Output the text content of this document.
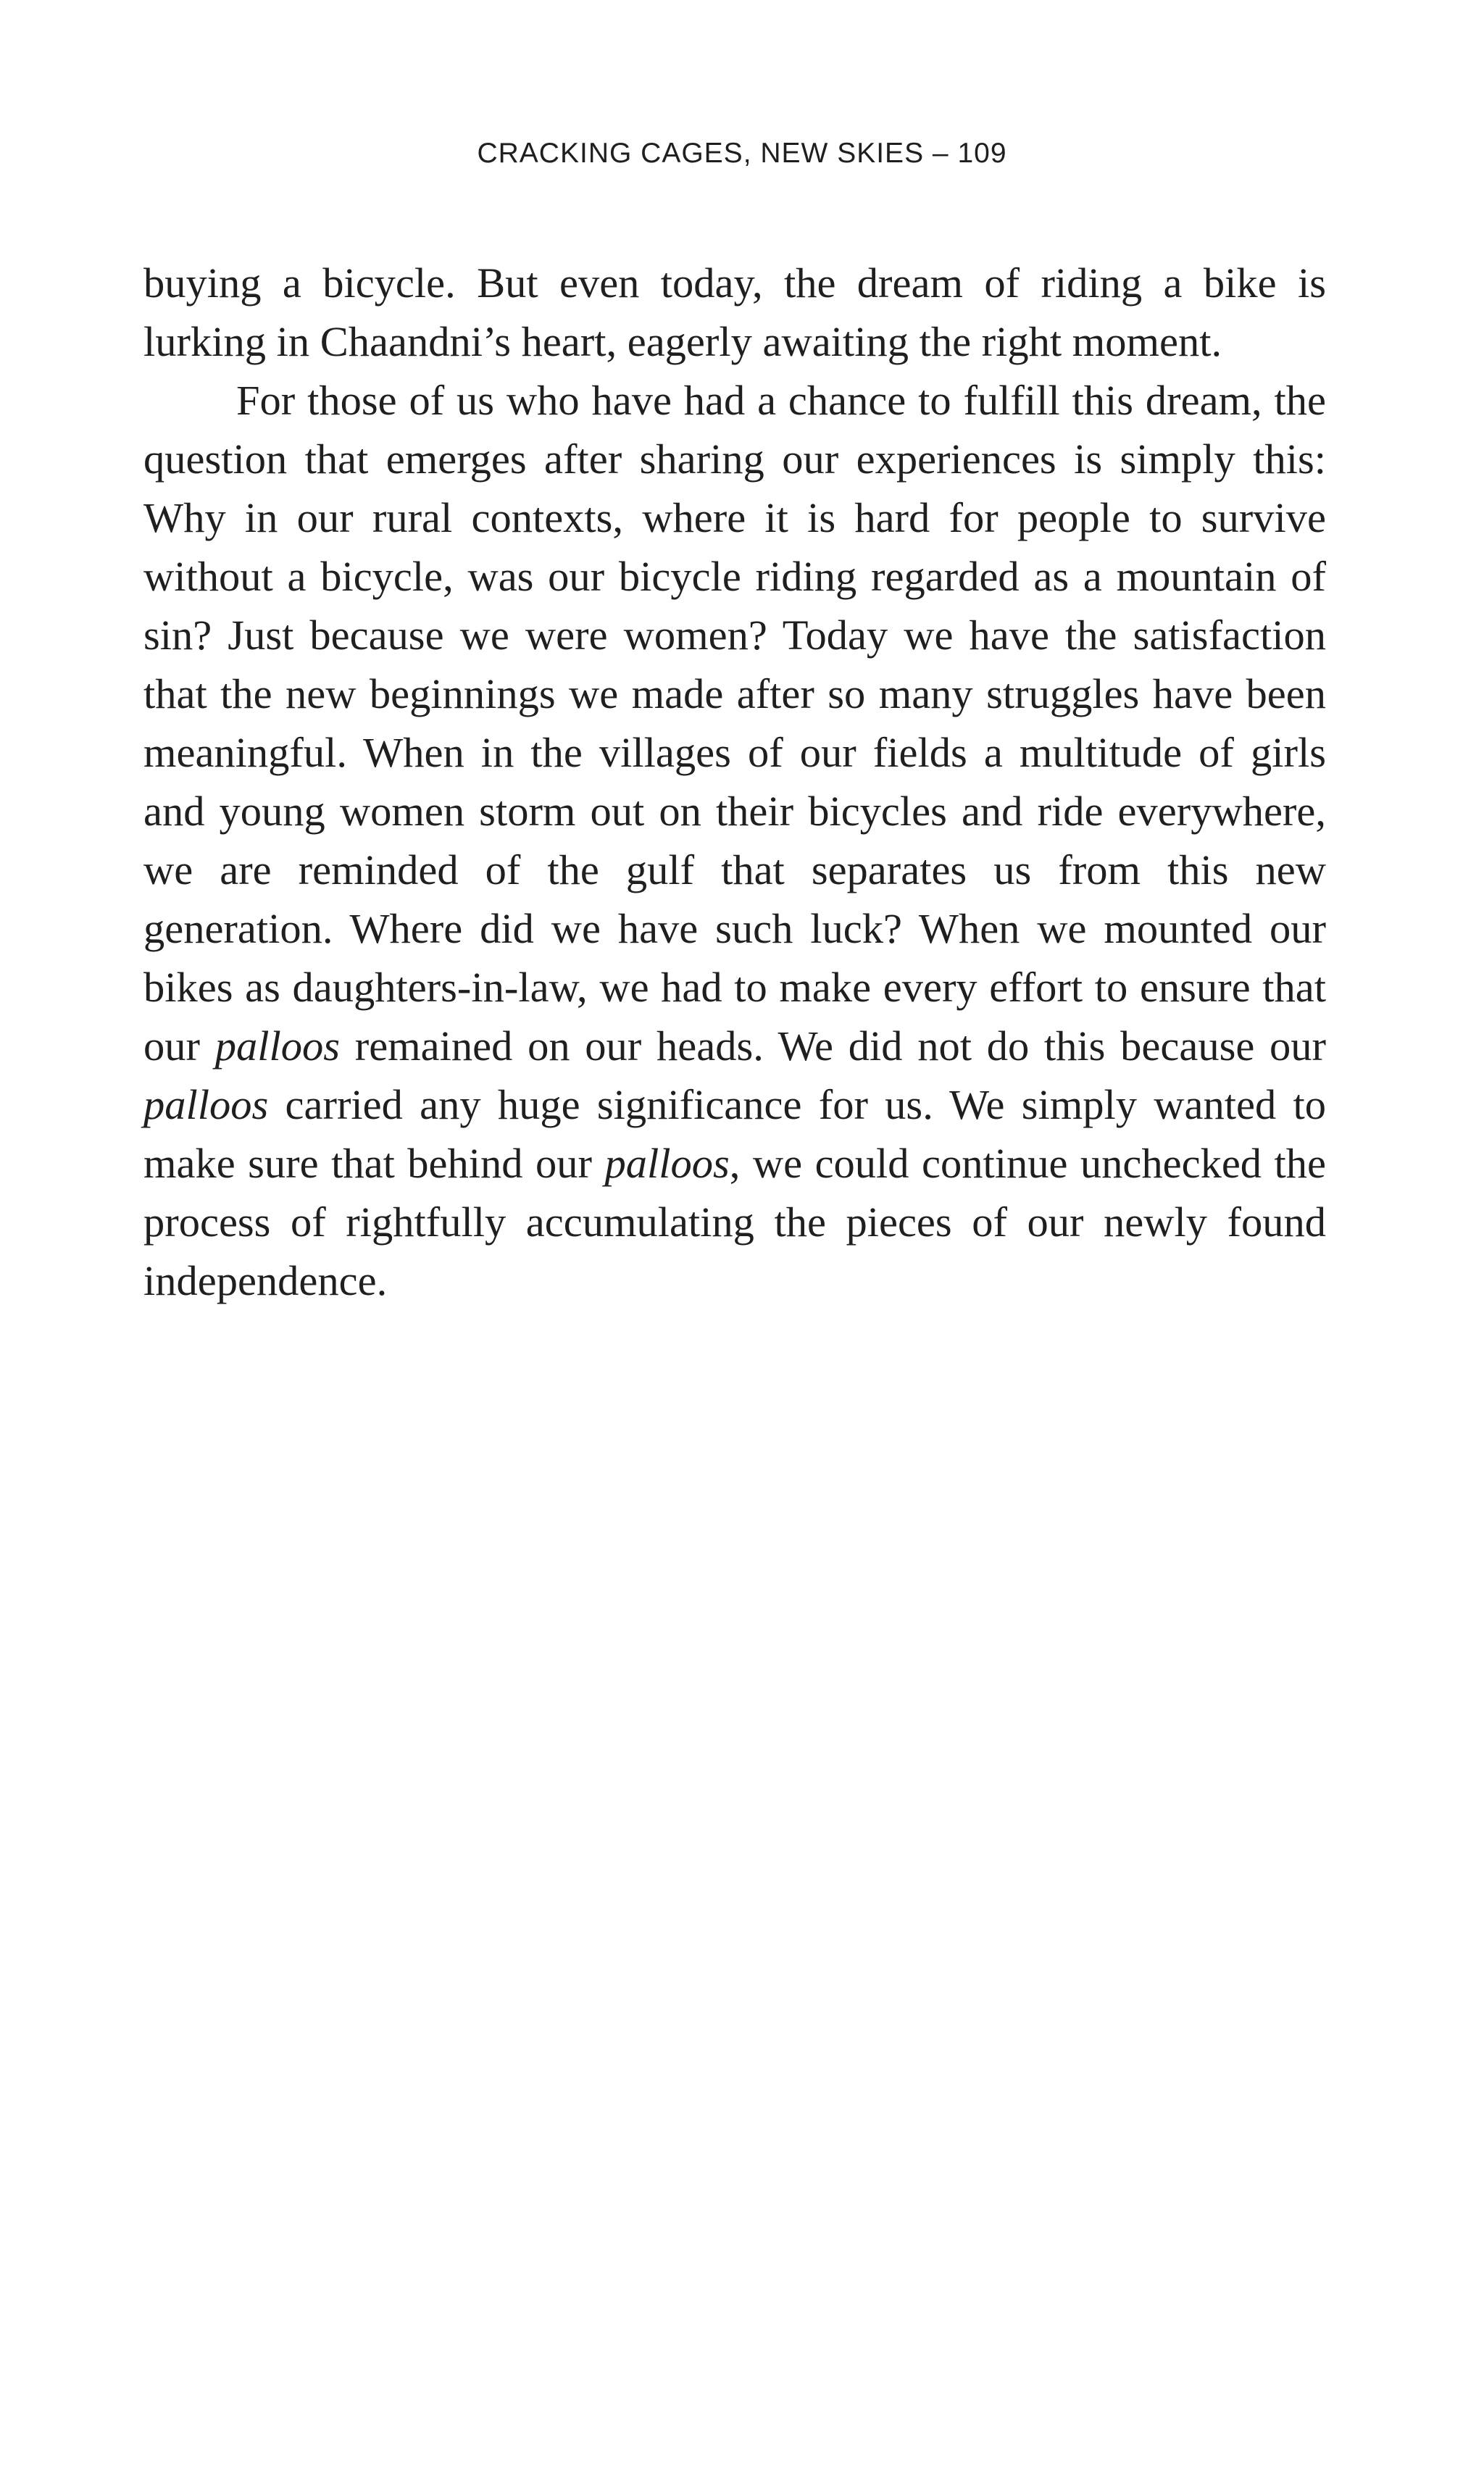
CRACKING CAGES, NEW SKIES – 109

buying a bicycle. But even today, the dream of riding a bike is lurking in Chaandni’s heart, eagerly awaiting the right moment.

For those of us who have had a chance to fulfill this dream, the question that emerges after sharing our experiences is simply this: Why in our rural contexts, where it is hard for people to survive without a bicycle, was our bicycle riding regarded as a mountain of sin? Just because we were women? Today we have the satisfaction that the new beginnings we made after so many struggles have been meaningful. When in the villages of our fields a multitude of girls and young women storm out on their bicycles and ride everywhere, we are reminded of the gulf that separates us from this new generation. Where did we have such luck? When we mounted our bikes as daughters-in-law, we had to make every effort to ensure that our palloos remained on our heads. We did not do this because our palloos carried any huge significance for us. We simply wanted to make sure that behind our palloos, we could continue unchecked the process of rightfully accumulating the pieces of our newly found independence.
